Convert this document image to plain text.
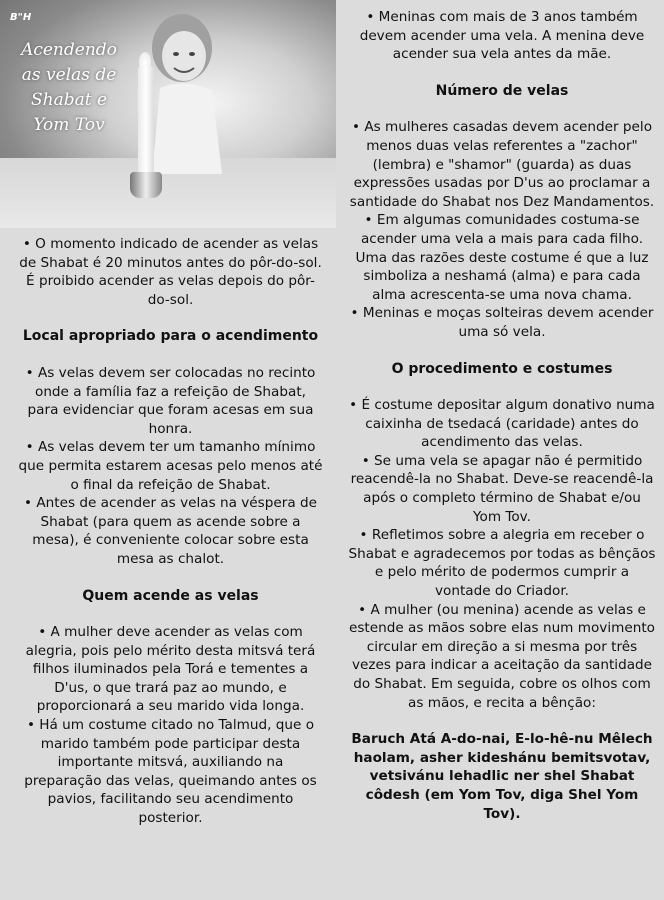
B"H
Acendendo as velas de Shabat e Yom Tov

• O momento indicado de acender as velas de Shabat é 20 minutos antes do pôr-do-sol. É proibido acender as velas depois do pôr-do-sol.

Local apropriado para o acendimento

• As velas devem ser colocadas no recinto onde a família faz a refeição de Shabat, para evidenciar que foram acesas em sua honra.

• As velas devem ter um tamanho mínimo que permita estarem acesas pelo menos até o final da refeição de Shabat.

• Antes de acender as velas na véspera de Shabat (para quem as acende sobre a mesa), é conveniente colocar sobre esta mesa as chalot.

Quem acende as velas

• A mulher deve acender as velas com alegria, pois pelo mérito desta mitsvá terá filhos iluminados pela Torá e tementes a D'us, o que trará paz ao mundo, e proporcionará a seu marido vida longa.

• Há um costume citado no Talmud, que o marido também pode participar desta importante mitsvá, auxiliando na preparação das velas, queimando antes os pavios, facilitando seu acendimento posterior.

• Meninas com mais de 3 anos também devem acender uma vela. A menina deve acender sua vela antes da mãe.

Número de velas

• As mulheres casadas devem acender pelo menos duas velas referentes a "zachor" (lembra) e "shamor" (guarda) as duas expressões usadas por D'us ao proclamar a santidade do Shabat nos Dez Mandamentos.

• Em algumas comunidades costuma-se acender uma vela a mais para cada filho. Uma das razões deste costume é que a luz simboliza a neshamá (alma) e para cada alma acrescenta-se uma nova chama.

• Meninas e moças solteiras devem acender uma só vela.

O procedimento e costumes

• É costume depositar algum donativo numa caixinha de tsedacá (caridade) antes do acendimento das velas.

• Se uma vela se apagar não é permitido reacendê-la no Shabat. Deve-se reacendê-la após o completo término de Shabat e/ou Yom Tov.

• Refletimos sobre a alegria em receber o Shabat e agradecemos por todas as bênçãos e pelo mérito de podermos cumprir a vontade do Criador.

• A mulher (ou menina) acende as velas e estende as mãos sobre elas num movimento circular em direção a si mesma por três vezes para indicar a aceitação da santidade do Shabat. Em seguida, cobre os olhos com as mãos, e recita a bênção:

Baruch Atá A-do-nai, E-lo-hê-nu Mêlech haolam, asher kideshánu bemitsvotav, vetsivánu lehadlic ner shel Shabat côdesh (em Yom Tov, diga Shel Yom Tov).
